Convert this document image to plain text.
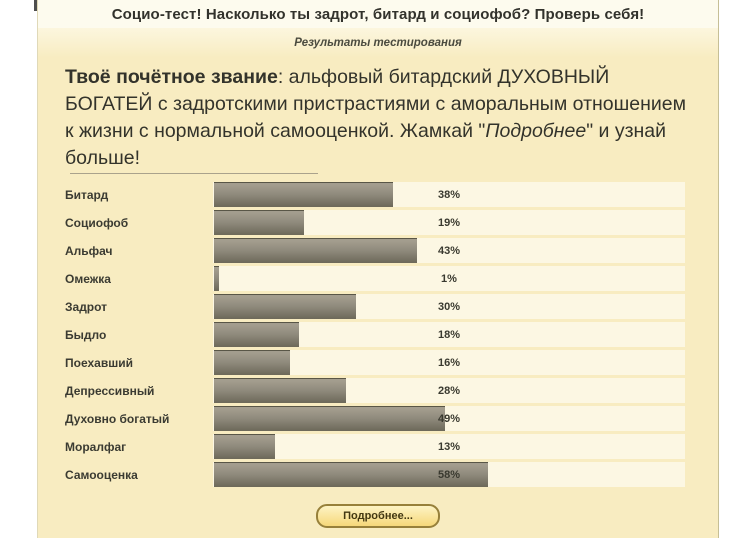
Социо-тест! Насколько ты задрот, битард и социофоб? Проверь себя!
Результаты тестирования
Твоё почётное звание: альфовый битардский ДУХОВНЫЙ БОГАТЕЙ с задротскими пристрастиями с аморальным отношением к жизни с нормальной самооценкой. Жамкай "Подробнее" и узнай больше!
Битард	38%
Социофоб	19%
Альфач	43%
Омежка	1%
Задрот	30%
Быдло	18%
Поехавший	16%
Депрессивный	28%
Духовно богатый	49%
Моралфаг	13%
Самооценка	58%
Подробнее...
